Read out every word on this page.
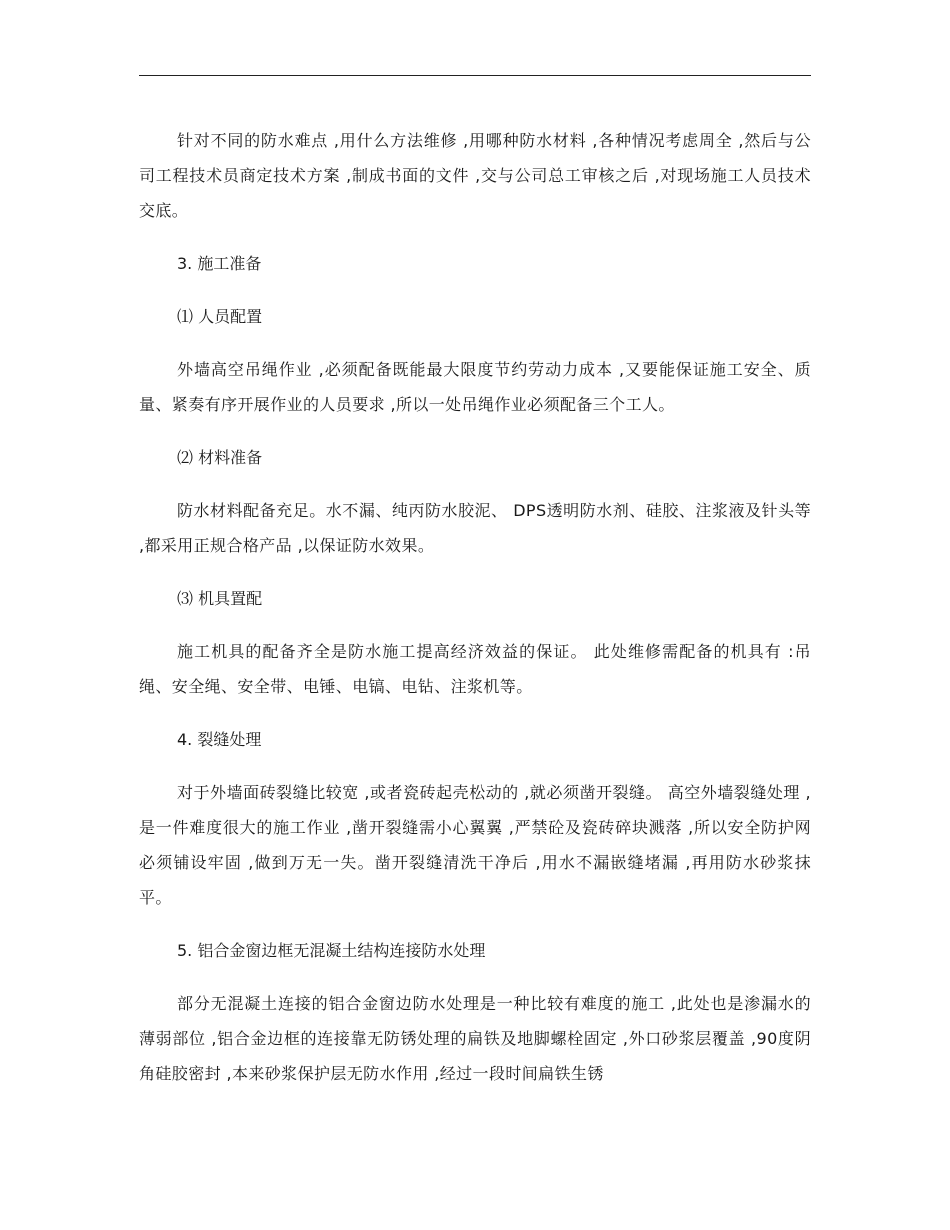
针对不同的防水难点 ,用什么方法维修 ,用哪种防水材料 ,各种情况考虑周全 ,然后与公司工程技术员商定技术方案 ,制成书面的文件 ,交与公司总工审核之后 ,对现场施工人员技术交底。

3. 施工准备

⑴ 人员配置

外墙高空吊绳作业 ,必须配备既能最大限度节约劳动力成本 ,又要能保证施工安全、质量、紧奏有序开展作业的人员要求 ,所以一处吊绳作业必须配备三个工人。

⑵ 材料准备

防水材料配备充足。水不漏、纯丙防水胶泥、 DPS透明防水剂、硅胶、注浆液及针头等 ,都采用正规合格产品 ,以保证防水效果。

⑶ 机具置配

施工机具的配备齐全是防水施工提高经济效益的保证。 此处维修需配备的机具有 :吊绳、安全绳、安全带、电锤、电镐、电钻、注浆机等。

4. 裂缝处理

对于外墙面砖裂缝比较宽 ,或者瓷砖起壳松动的 ,就必须凿开裂缝。 高空外墙裂缝处理 ,是一件难度很大的施工作业 ,凿开裂缝需小心翼翼 ,严禁砼及瓷砖碎块溅落 ,所以安全防护网必须铺设牢固 ,做到万无一失。凿开裂缝清洗干净后 ,用水不漏嵌缝堵漏 ,再用防水砂浆抹平。

5. 铝合金窗边框无混凝土结构连接防水处理

部分无混凝土连接的铝合金窗边防水处理是一种比较有难度的施工 ,此处也是渗漏水的薄弱部位 ,铝合金边框的连接靠无防锈处理的扁铁及地脚螺栓固定 ,外口砂浆层覆盖 ,90度阴角硅胶密封 ,本来砂浆保护层无防水作用 ,经过一段时间扁铁生锈
